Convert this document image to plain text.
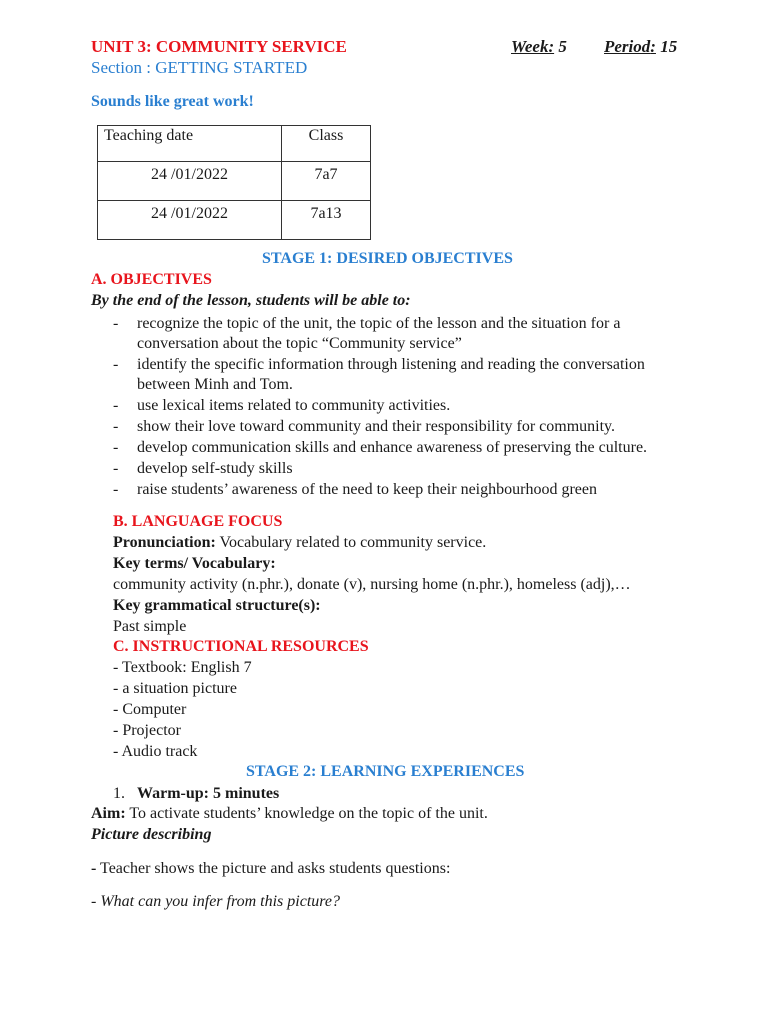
UNIT 3: COMMUNITY SERVICE	Week: 5 Period: 15
Section : GETTING STARTED
Sounds like great work!
Teaching date	Class
24 /01/2022	7a7
24 /01/2022	7a13
STAGE 1: DESIRED OBJECTIVES
A. OBJECTIVES
By the end of the lesson, students will be able to:
- recognize the topic of the unit, the topic of the lesson and the situation for a
conversation about the topic “Community service”
- identify the specific information through listening and reading the conversation
between Minh and Tom.
- use lexical items related to community activities.
- show their love toward community and their responsibility for community.
- develop communication skills and enhance awareness of preserving the culture.
- develop self-study skills
- raise students’ awareness of the need to keep their neighbourhood green
B. LANGUAGE FOCUS
Pronunciation: Vocabulary related to community service.
Key terms/ Vocabulary:
community activity (n.phr.), donate (v), nursing home (n.phr.), homeless (adj),…
Key grammatical structure(s):
Past simple
C. INSTRUCTIONAL RESOURCES
- Textbook: English 7
- a situation picture
- Computer
- Projector
- Audio track
STAGE 2: LEARNING EXPERIENCES
1. Warm-up: 5 minutes
Aim: To activate students’ knowledge on the topic of the unit.
Picture describing
- Teacher shows the picture and asks students questions:
- What can you infer from this picture?
